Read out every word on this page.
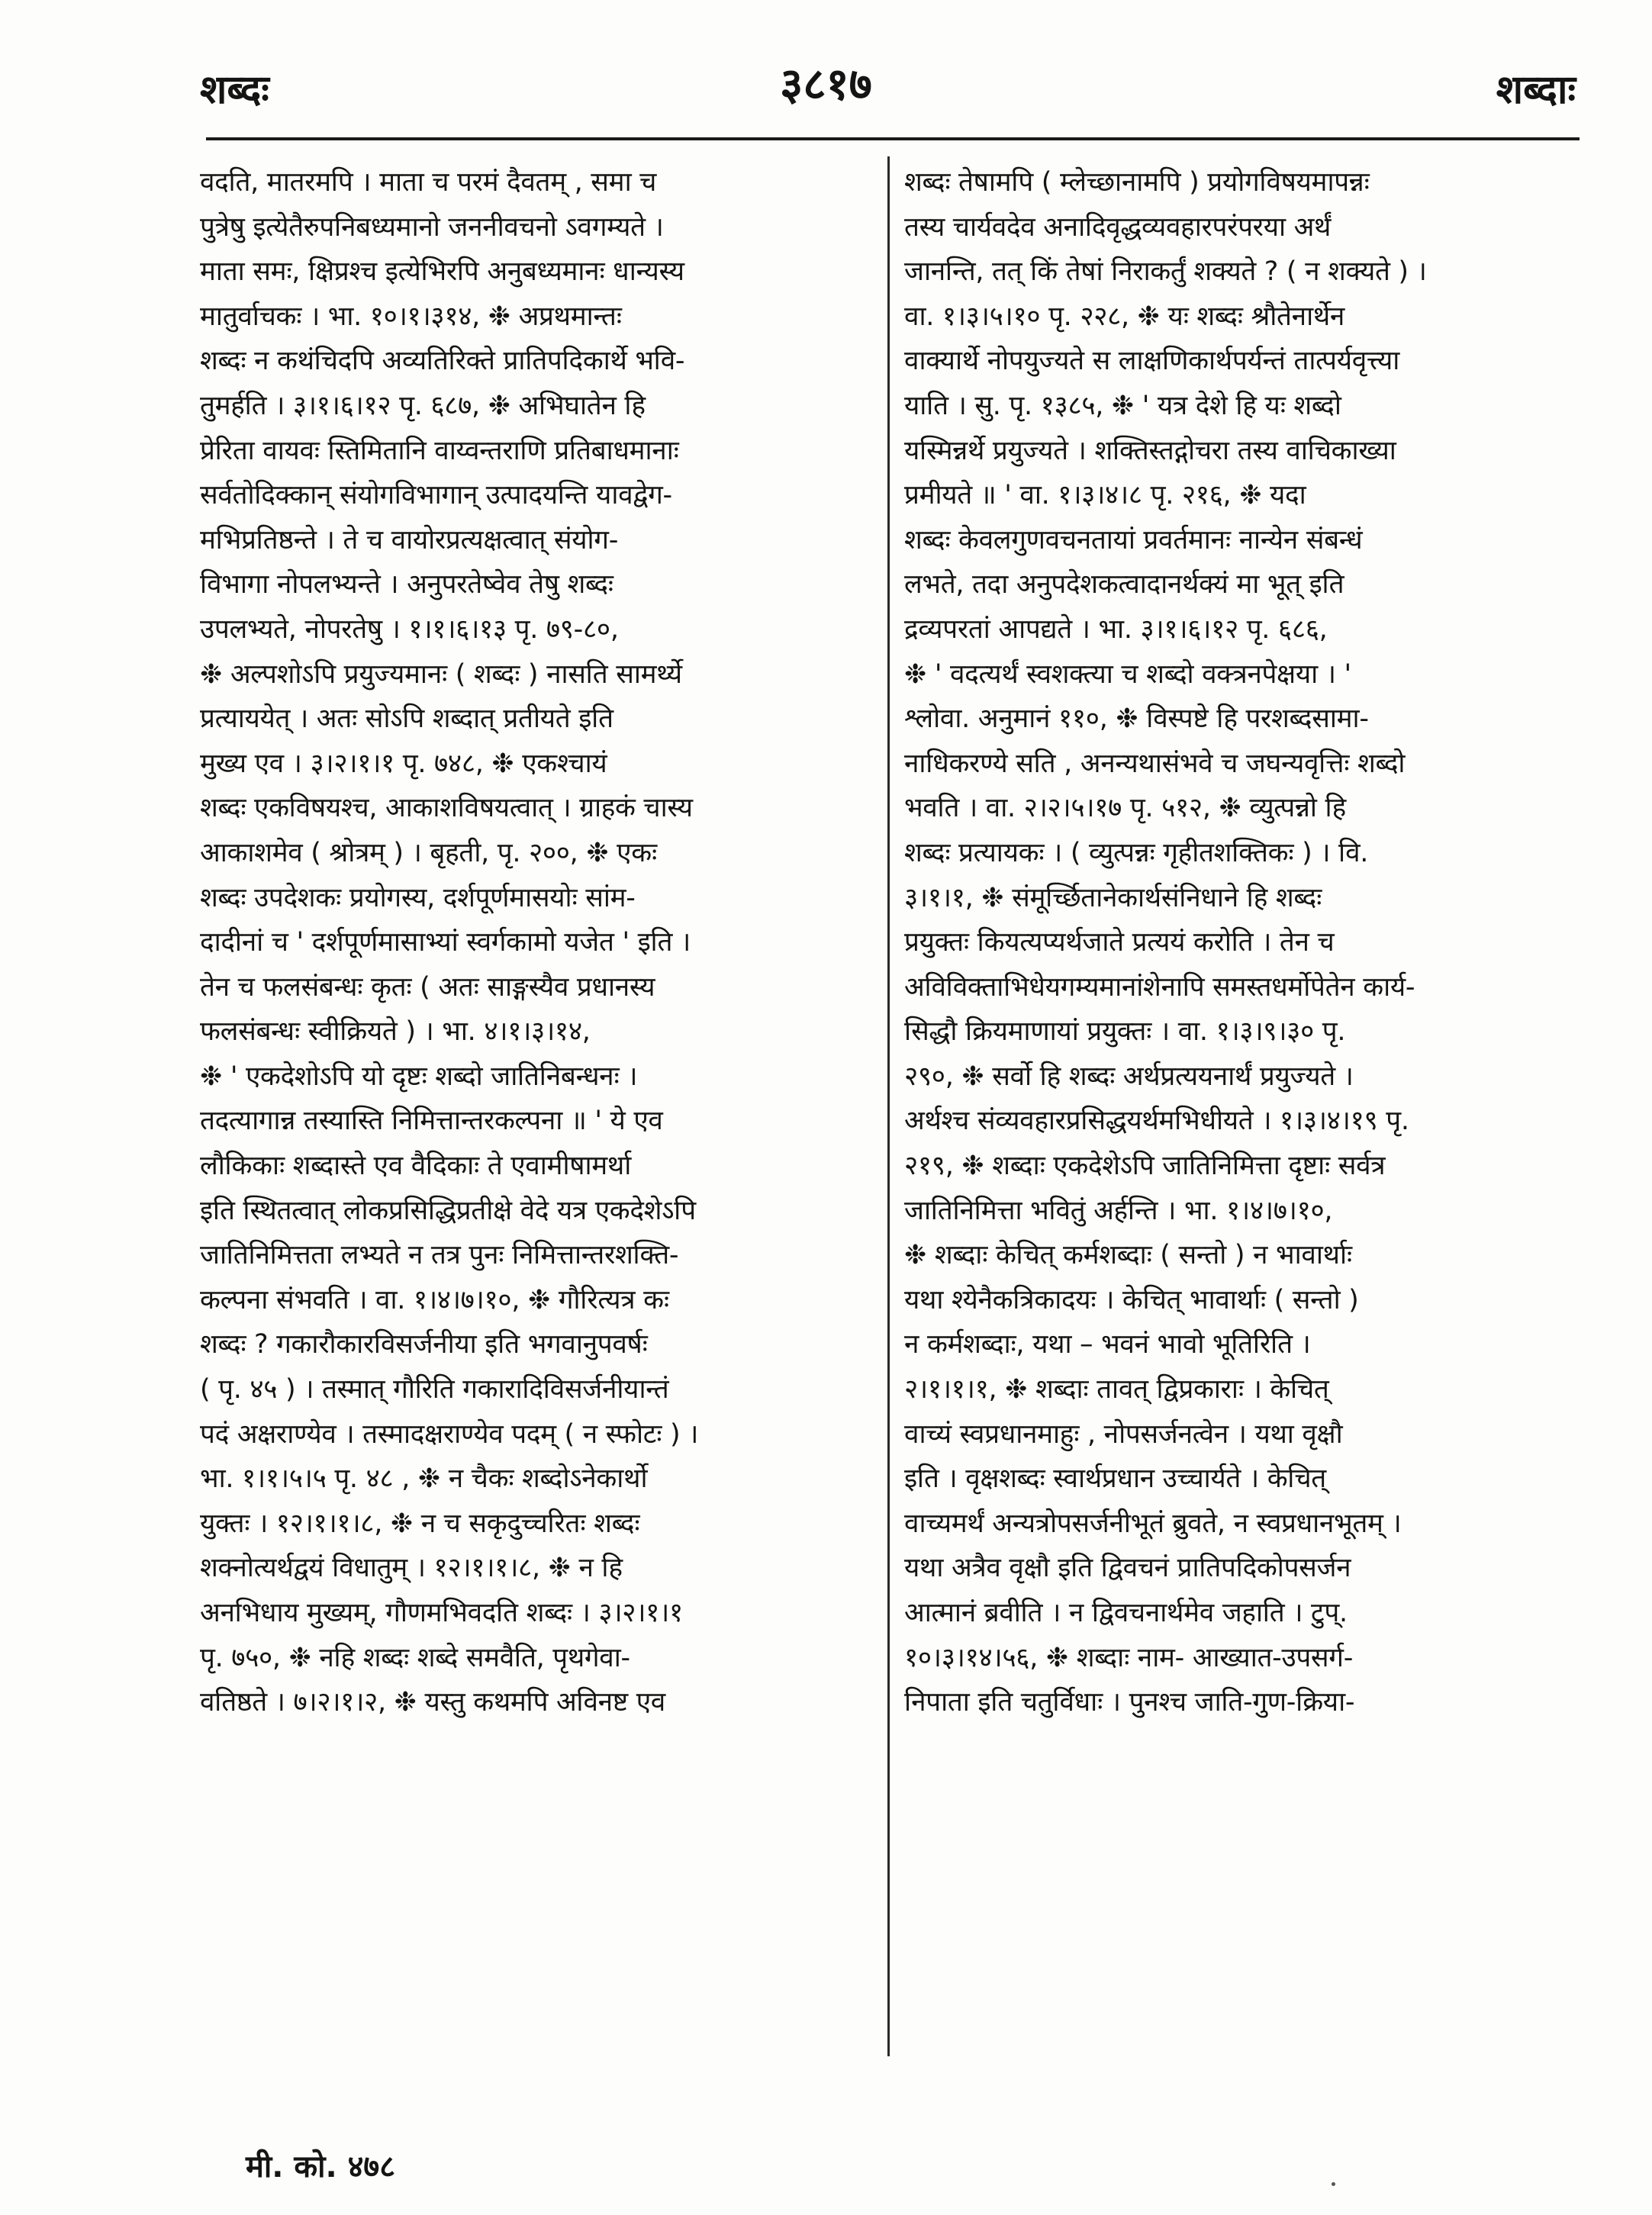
शब्दः	३८१७	शब्दाः
वदति, मातरमपि । माता च परमं दैवतम् , समा च
पुत्रेषु इत्येतैरुपनिबध्यमानो जननीवचनो ऽवगम्यते ।
माता समः, क्षिप्रश्च इत्येभिरपि अनुबध्यमानः धान्यस्य
मातुर्वाचकः । भा. १०।१।३१४, ❉ अप्रथमान्तः
शब्दः न कथंचिदपि अव्यतिरिक्ते प्रातिपदिकार्थे भवि-
तुमर्हति । ३।१।६।१२ पृ. ६८७, ❉ अभिघातेन हि
प्रेरिता वायवः स्तिमितानि वाय्वन्तराणि प्रतिबाधमानाः
सर्वतोदिक्कान् संयोगविभागान् उत्पादयन्ति यावद्वेग-
मभिप्रतिष्ठन्ते । ते च वायोरप्रत्यक्षत्वात् संयोग-
विभागा नोपलभ्यन्ते । अनुपरतेष्वेव तेषु शब्दः
उपलभ्यते, नोपरतेषु । १।१।६।१३ पृ. ७९-८०,
❉ अल्पशोऽपि प्रयुज्यमानः ( शब्दः ) नासति सामर्थ्ये
प्रत्याययेत् । अतः सोऽपि शब्दात् प्रतीयते इति
मुख्य एव । ३।२।१।१ पृ. ७४८, ❉ एकश्चायं
शब्दः एकविषयश्च, आकाशविषयत्वात् । ग्राहकं चास्य
आकाशमेव ( श्रोत्रम् ) । बृहती, पृ. २००, ❉ एकः
शब्दः उपदेशकः प्रयोगस्य, दर्शपूर्णमासयोः सांम-
दादीनां च ' दर्शपूर्णमासाभ्यां स्वर्गकामो यजेत ' इति ।
तेन च फलसंबन्धः कृतः ( अतः साङ्गस्यैव प्रधानस्य
फलसंबन्धः स्वीक्रियते ) । भा. ४।१।३।१४,
❉ ' एकदेशोऽपि यो दृष्टः शब्दो जातिनिबन्धनः ।
तदत्यागान्न तस्यास्ति निमित्तान्तरकल्पना ॥ ' ये एव
लौकिकाः शब्दास्ते एव वैदिकाः ते एवामीषामर्था
इति स्थितत्वात् लोकप्रसिद्धिप्रतीक्षे वेदे यत्र एकदेशेऽपि
जातिनिमित्तता लभ्यते न तत्र पुनः निमित्तान्तरशक्ति-
कल्पना संभवति । वा. १।४।७।१०, ❉ गौरित्यत्र कः
शब्दः ? गकारौकारविसर्जनीया इति भगवानुपवर्षः
( पृ. ४५ ) । तस्मात् गौरिति गकारादिविसर्जनीयान्तं
पदं अक्षराण्येव । तस्मादक्षराण्येव पदम् ( न स्फोटः ) ।
भा. १।१।५।५ पृ. ४८ , ❉ न चैकः शब्दोऽनेकार्थो
युक्तः । १२।१।१।८, ❉ न च सकृदुच्चरितः शब्दः
शक्नोत्यर्थद्वयं विधातुम् । १२।१।१।८, ❉ न हि
अनभिधाय मुख्यम्, गौणमभिवदति शब्दः । ३।२।१।१
पृ. ७५०, ❉ नहि शब्दः शब्दे समवैति, पृथगेवा-
वतिष्ठते । ७।२।१।२, ❉ यस्तु कथमपि अविनष्ट एव
शब्दः तेषामपि ( म्लेच्छानामपि ) प्रयोगविषयमापन्नः
तस्य चार्यवदेव अनादिवृद्धव्यवहारपरंपरया अर्थं
जानन्ति, तत् किं तेषां निराकर्तुं शक्यते ? ( न शक्यते ) ।
वा. १।३।५।१० पृ. २२८, ❉ यः शब्दः श्रौतेनार्थेन
वाक्यार्थे नोपयुज्यते स लाक्षणिकार्थपर्यन्तं तात्पर्यवृत्त्या
याति । सु. पृ. १३८५, ❉ ' यत्र देशे हि यः शब्दो
यस्मिन्नर्थे प्रयुज्यते । शक्तिस्तद्गोचरा तस्य वाचिकाख्या
प्रमीयते ॥ ' वा. १।३।४।८ पृ. २१६, ❉ यदा
शब्दः केवलगुणवचनतायां प्रवर्तमानः नान्येन संबन्धं
लभते, तदा अनुपदेशकत्वादानर्थक्यं मा भूत् इति
द्रव्यपरतां आपद्यते । भा. ३।१।६।१२ पृ. ६८६,
❉ ' वदत्यर्थं स्वशक्त्या च शब्दो वक्त्रनपेक्षया । '
श्लोवा. अनुमानं ११०, ❉ विस्पष्टे हि परशब्दसामा-
नाधिकरण्ये सति , अनन्यथासंभवे च जघन्यवृत्तिः शब्दो
भवति । वा. २।२।५।१७ पृ. ५१२, ❉ व्युत्पन्नो हि
शब्दः प्रत्यायकः । ( व्युत्पन्नः गृहीतशक्तिकः ) । वि.
३।१।१, ❉ संमूर्च्छितानेकार्थसंनिधाने हि शब्दः
प्रयुक्तः कियत्यप्यर्थजाते प्रत्ययं करोति । तेन च
अविविक्ताभिधेयगम्यमानांशेनापि समस्तधर्मोपेतेन कार्य-
सिद्धौ क्रियमाणायां प्रयुक्तः । वा. १।३।९।३० पृ.
२९०, ❉ सर्वो हि शब्दः अर्थप्रत्ययनार्थं प्रयुज्यते ।
अर्थश्च संव्यवहारप्रसिद्धयर्थमभिधीयते । १।३।४।१९ पृ.
२१९, ❉ शब्दाः एकदेशेऽपि जातिनिमित्ता दृष्टाः सर्वत्र
जातिनिमित्ता भवितुं अर्हन्ति । भा. १।४।७।१०,
❉ शब्दाः केचित् कर्मशब्दाः ( सन्तो ) न भावार्थाः
यथा श्येनैकत्रिकादयः । केचित् भावार्थाः ( सन्तो )
न कर्मशब्दाः, यथा – भवनं भावो भूतिरिति ।
२।१।१।१, ❉ शब्दाः तावत् द्विप्रकाराः । केचित्
वाच्यं स्वप्रधानमाहुः , नोपसर्जनत्वेन । यथा वृक्षौ
इति । वृक्षशब्दः स्वार्थप्रधान उच्चार्यते । केचित्
वाच्यमर्थं अन्यत्रोपसर्जनीभूतं ब्रुवते, न स्वप्रधानभूतम् ।
यथा अत्रैव वृक्षौ इति द्विवचनं प्रातिपदिकोपसर्जन
आत्मानं ब्रवीति । न द्विवचनार्थमेव जहाति । टुप्.
१०।३।१४।५६, ❉ शब्दाः नाम- आख्यात-उपसर्ग-
निपाता इति चतुर्विधाः । पुनश्च जाति-गुण-क्रिया-
मी. को. ४७८
